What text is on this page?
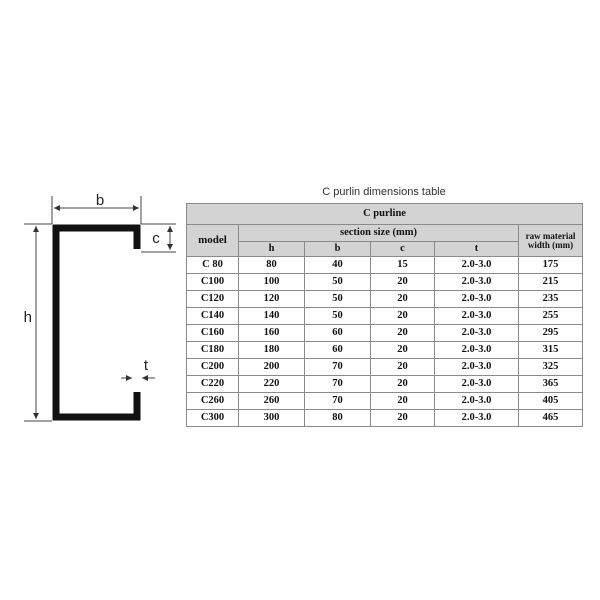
b
h
c
t
C purlin dimensions table
C purline					
model	section size (mm)				raw material
width (mm)
	h	b	c	t	
C 80	80	40	15	2.0-3.0	175
C100	100	50	20	2.0-3.0	215
C120	120	50	20	2.0-3.0	235
C140	140	50	20	2.0-3.0	255
C160	160	60	20	2.0-3.0	295
C180	180	60	20	2.0-3.0	315
C200	200	70	20	2.0-3.0	325
C220	220	70	20	2.0-3.0	365
C260	260	70	20	2.0-3.0	405
C300	300	80	20	2.0-3.0	465
